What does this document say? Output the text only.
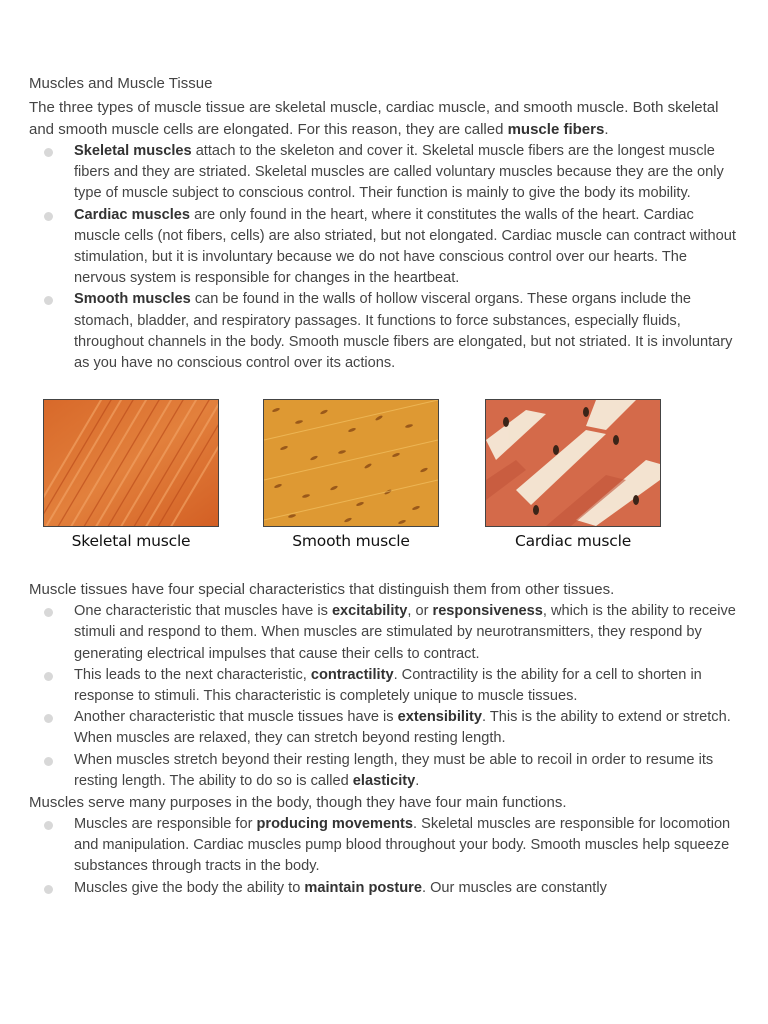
Muscles and Muscle Tissue

The three types of muscle tissue are skeletal muscle, cardiac muscle, and smooth muscle. Both skeletal and smooth muscle cells are elongated. For this reason, they are called muscle fibers.

Skeletal muscles attach to the skeleton and cover it. Skeletal muscle fibers are the longest muscle fibers and they are striated. Skeletal muscles are called voluntary muscles because they are the only type of muscle subject to conscious control. Their function is mainly to give the body its mobility.
Cardiac muscles are only found in the heart, where it constitutes the walls of the heart. Cardiac muscle cells (not fibers, cells) are also striated, but not elongated. Cardiac muscle can contract without stimulation, but it is involuntary because we do not have conscious control over our hearts. The nervous system is responsible for changes in the heartbeat.
Smooth muscles can be found in the walls of hollow visceral organs. These organs include the stomach, bladder, and respiratory passages. It functions to force substances, especially fluids, throughout channels in the body. Smooth muscle fibers are elongated, but not striated. It is involuntary as you have no conscious control over its actions.
Skeletal muscle	Smooth muscle	Cardiac muscle

Muscle tissues have four special characteristics that distinguish them from other tissues.

One characteristic that muscles have is excitability, or responsiveness, which is the ability to receive stimuli and respond to them. When muscles are stimulated by neurotransmitters, they respond by generating electrical impulses that cause their cells to contract.
This leads to the next characteristic, contractility. Contractility is the ability for a cell to shorten in response to stimuli. This characteristic is completely unique to muscle tissues.
Another characteristic that muscle tissues have is extensibility. This is the ability to extend or stretch. When muscles are relaxed, they can stretch beyond resting length.
When muscles stretch beyond their resting length, they must be able to recoil in order to resume its resting length. The ability to do so is called elasticity.

Muscles serve many purposes in the body, though they have four main functions.

Muscles are responsible for producing movements. Skeletal muscles are responsible for locomotion and manipulation. Cardiac muscles pump blood throughout your body. Smooth muscles help squeeze substances through tracts in the body.
Muscles give the body the ability to maintain posture. Our muscles are constantly
